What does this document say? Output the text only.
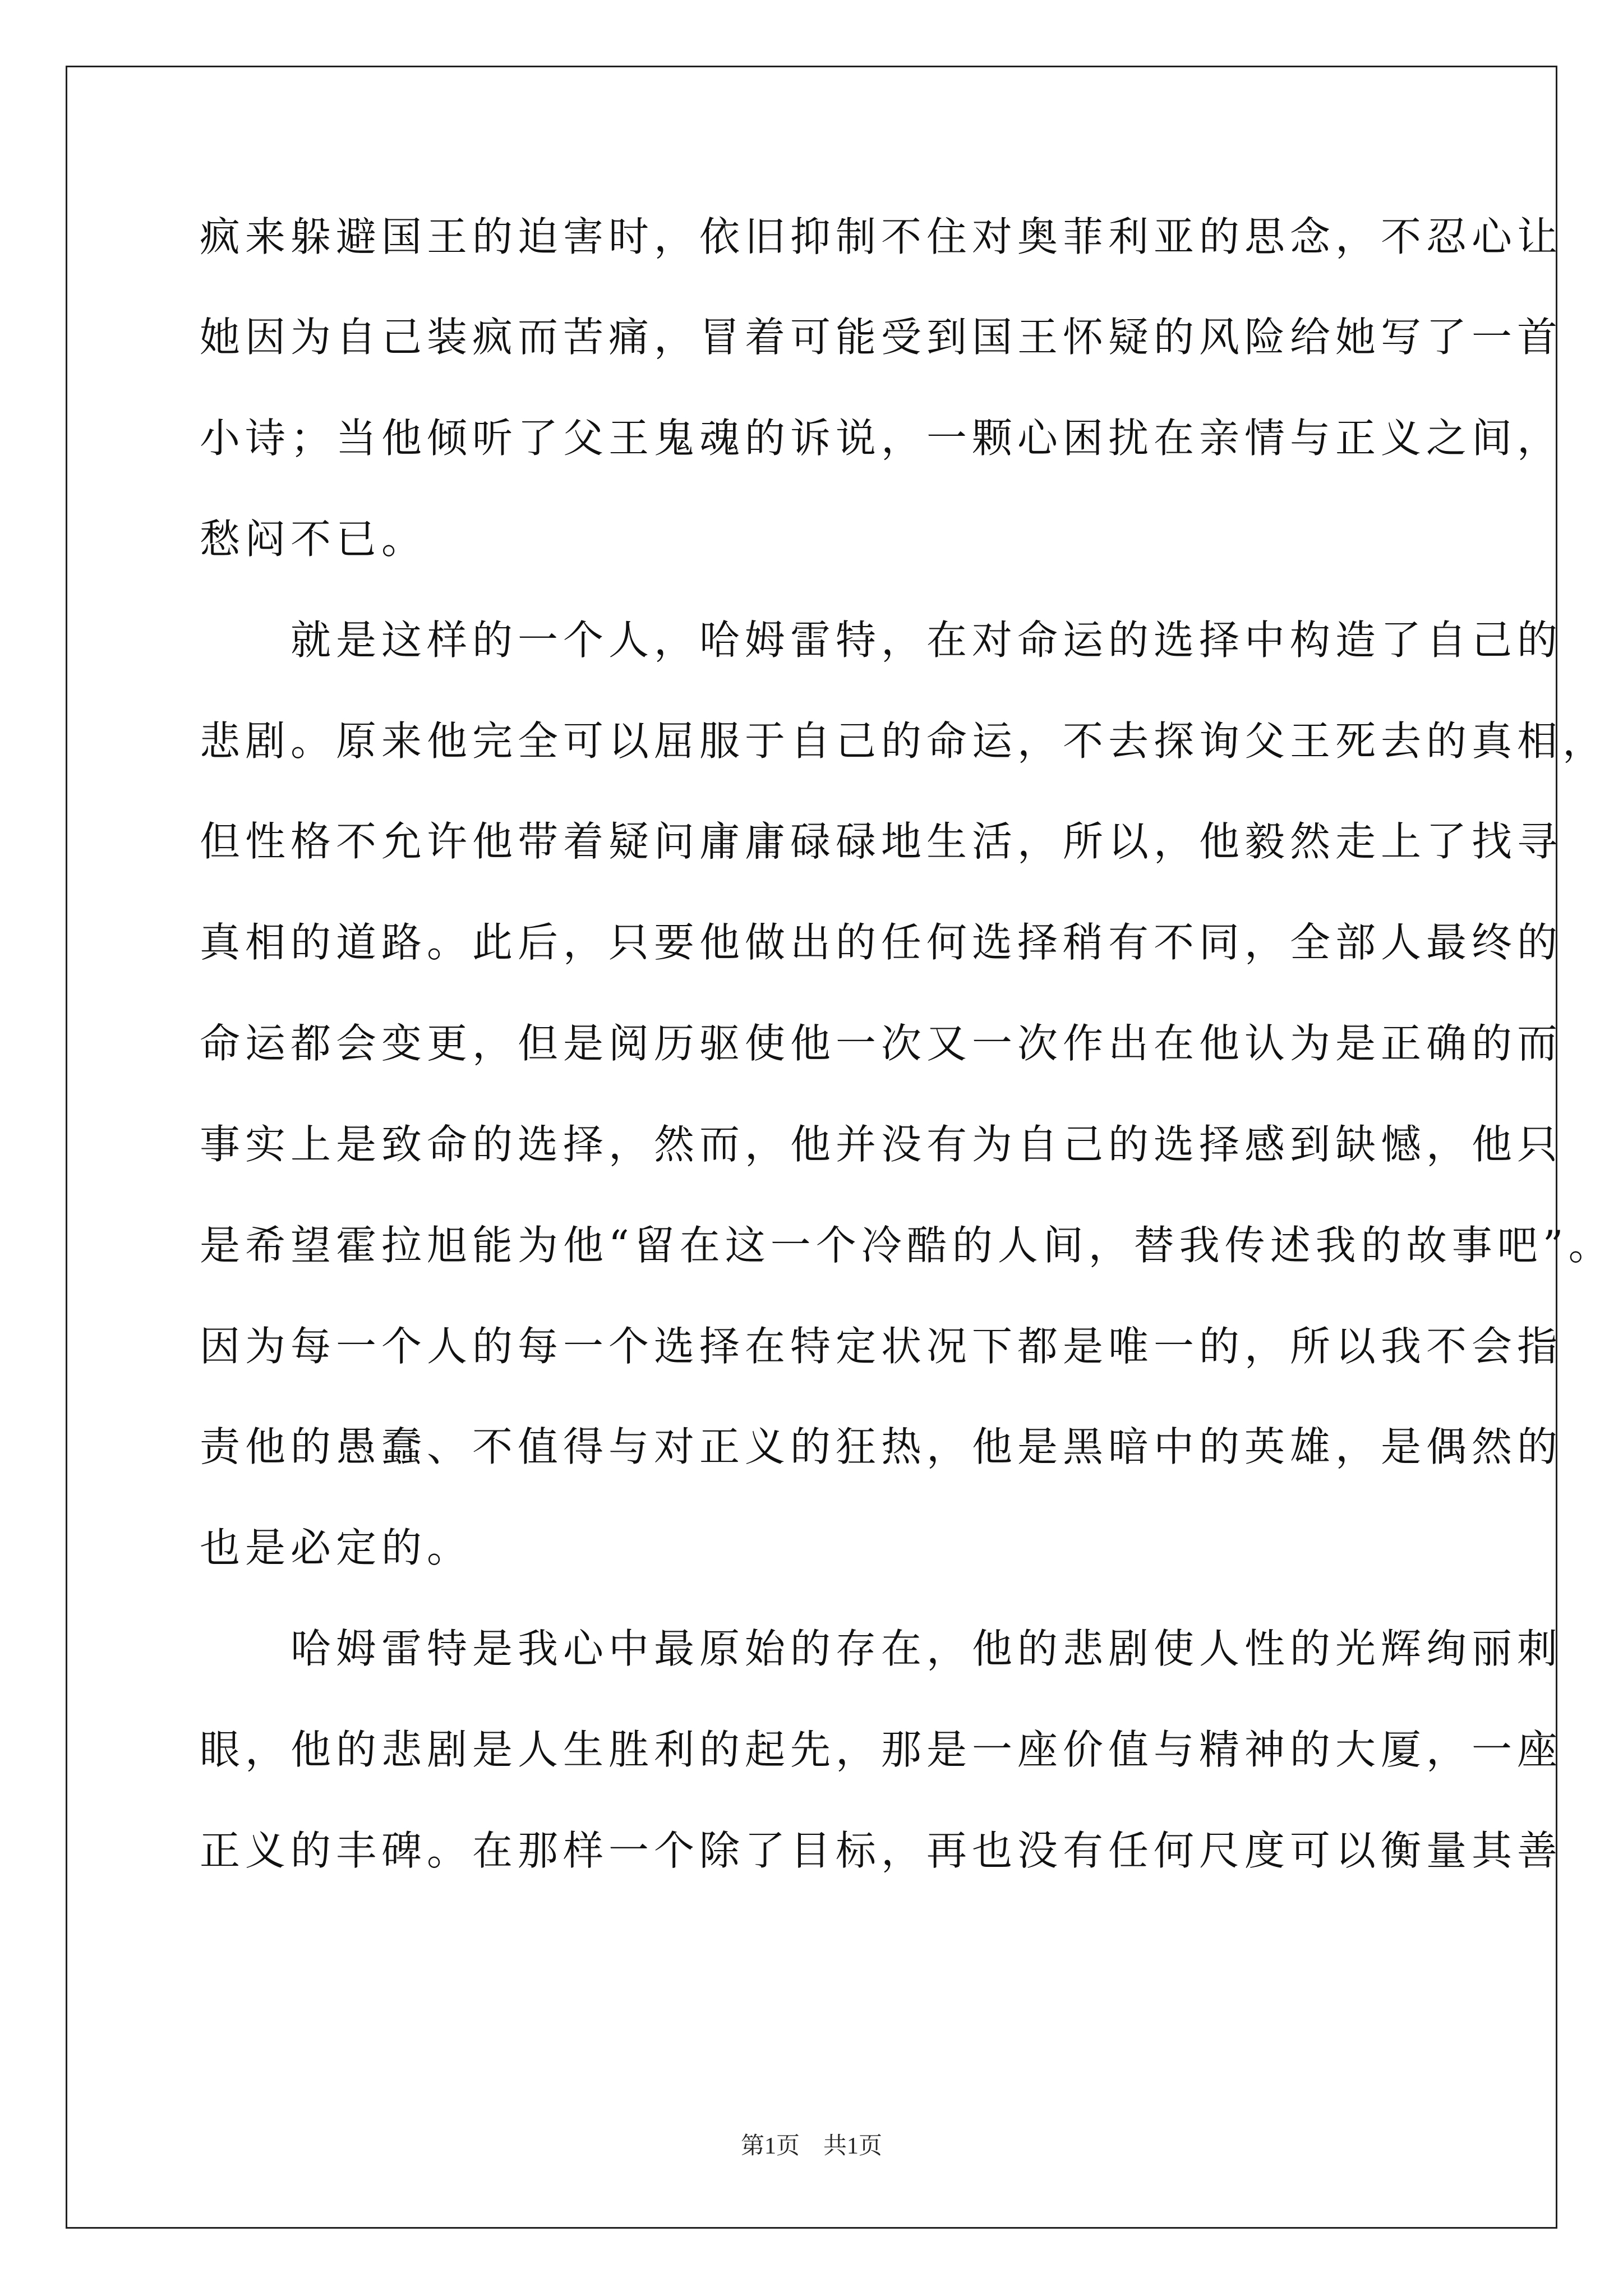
疯来躲避国王的迫害时，依旧抑制不住对奥菲利亚的思念，不忍心让
她因为自己装疯而苦痛，冒着可能受到国王怀疑的风险给她写了一首
小诗；当他倾听了父王鬼魂的诉说，一颗心困扰在亲情与正义之间，
愁闷不已。
　　就是这样的一个人，哈姆雷特，在对命运的选择中构造了自己的
悲剧。原来他完全可以屈服于自己的命运，不去探询父王死去的真相，
但性格不允许他带着疑问庸庸碌碌地生活，所以，他毅然走上了找寻
真相的道路。此后，只要他做出的任何选择稍有不同，全部人最终的
命运都会变更，但是阅历驱使他一次又一次作出在他认为是正确的而
事实上是致命的选择，然而，他并没有为自己的选择感到缺憾，他只
是希望霍拉旭能为他“留在这一个冷酷的人间，替我传述我的故事吧”。
因为每一个人的每一个选择在特定状况下都是唯一的，所以我不会指
责他的愚蠢、不值得与对正义的狂热，他是黑暗中的英雄，是偶然的
也是必定的。
　　哈姆雷特是我心中最原始的存在，他的悲剧使人性的光辉绚丽刺
眼，他的悲剧是人生胜利的起先，那是一座价值与精神的大厦，一座
正义的丰碑。在那样一个除了目标，再也没有任何尺度可以衡量其善
第1页　共1页
